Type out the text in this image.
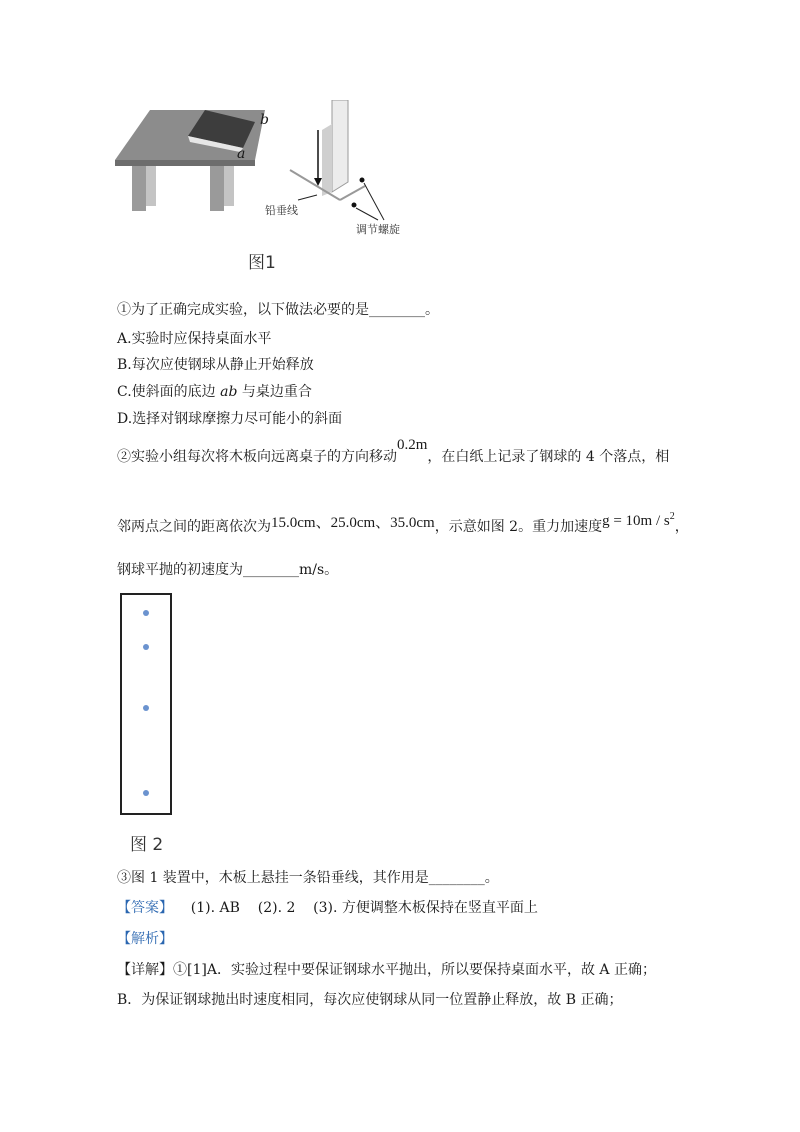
b
a
铅垂线
调节螺旋
图1
①为了正确完成实验，以下做法必要的是________。
A.实验时应保持桌面水平
B.每次应使钢球从静止开始释放
C.使斜面的底边 ab 与桌边重合
D.选择对钢球摩擦力尽可能小的斜面
②实验小组每次将木板向远离桌子的方向移动0.2m，在白纸上记录了钢球的 4 个落点，相
邻两点之间的距离依次为15.0cm、25.0cm、35.0cm，示意如图 2。重力加速度$g = 10m / s^2$，
钢球平抛的初速度为________m/s。
图 2
③图 1 装置中，木板上悬挂一条铅垂线，其作用是________。
【答案】    (1). AB    (2). 2    (3). 方便调整木板保持在竖直平面上
【解析】
【详解】①[1]A．实验过程中要保证钢球水平抛出，所以要保持桌面水平，故 A 正确；
B．为保证钢球抛出时速度相同，每次应使钢球从同一位置静止释放，故 B 正确；
